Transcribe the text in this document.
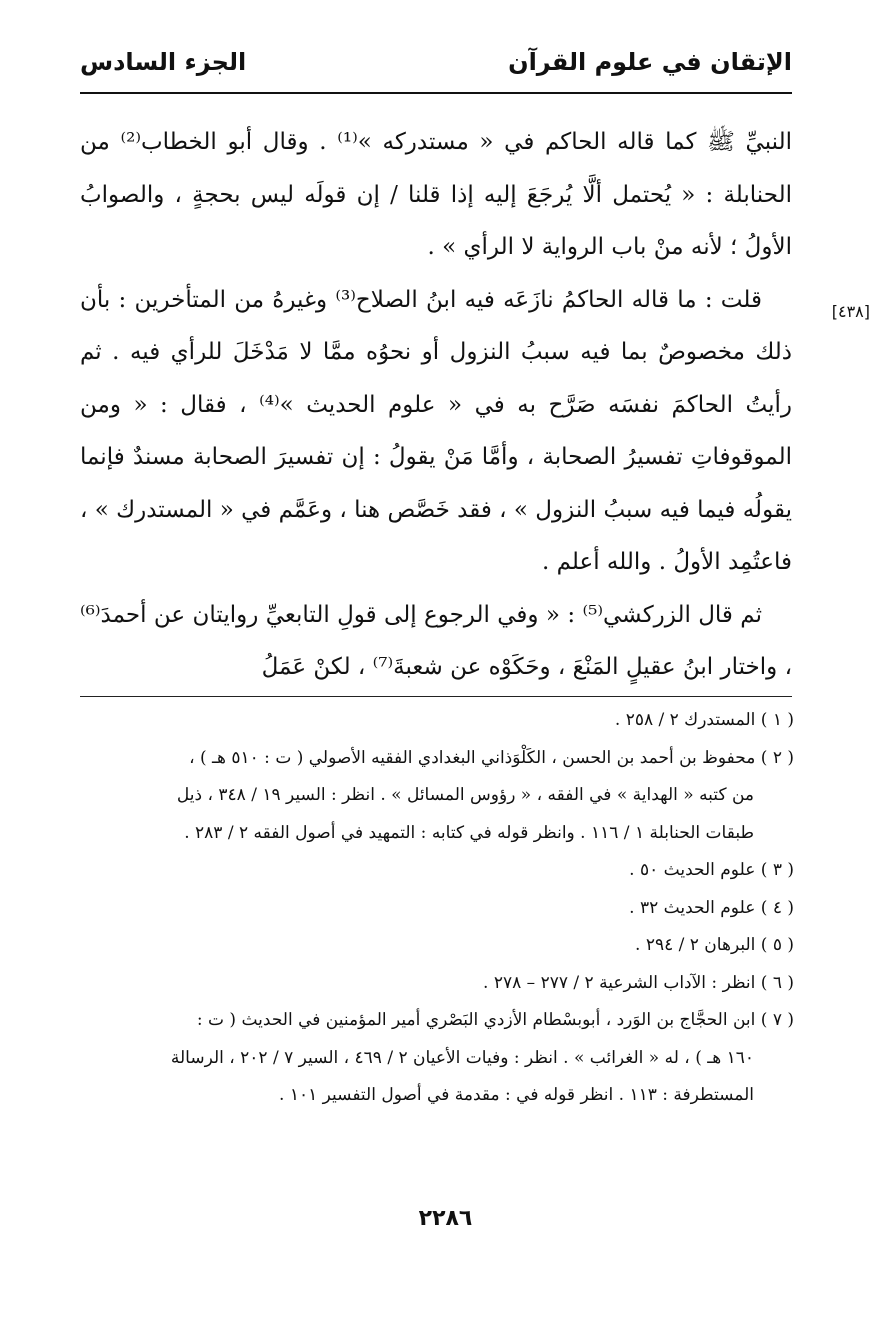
الإتقان في علوم القرآن
الجزء السادس
[٤٣٨]

النبيِّ ﷺ كما قاله الحاكم في « مستدركه »⁽¹⁾ . وقال أبو الخطاب⁽²⁾ من الحنابلة : « يُحتمل ألَّا يُرجَعَ إليه إذا قلنا / إن قولَه ليس بحجةٍ ، والصوابُ الأولُ ؛ لأنه منْ باب الرواية لا الرأي » .

قلت : ما قاله الحاكمُ نازَعَه فيه ابنُ الصلاح⁽³⁾ وغيرهُ من المتأخرين : بأن ذلك مخصوصٌ بما فيه سببُ النزول أو نحوُه ممَّا لا مَدْخَلَ للرأي فيه . ثم رأيتُ الحاكمَ نفسَه صَرَّح به في « علوم الحديث »⁽⁴⁾ ، فقال : « ومن الموقوفاتِ تفسيرُ الصحابة ، وأمَّا مَنْ يقولُ : إن تفسيرَ الصحابة مسندٌ فإنما يقولُه فيما فيه سببُ النزول » ، فقد خَصَّص هنا ، وعَمَّم في « المستدرك » ، فاعتُمِد الأولُ . والله أعلم .

ثم قال الزركشي⁽⁵⁾ : « وفي الرجوع إلى قولِ التابعيِّ روايتان عن أحمدَ⁽⁶⁾ ، واختار ابنُ عقيلٍ المَنْعَ ، وحَكَوْه عن شعبةَ⁽⁷⁾ ، لكنْ عَمَلُ

( ١ ) المستدرك ٢ / ٢٥٨ .
( ٢ ) محفوظ بن أحمد بن الحسن ، الكَلْوَذاني البغدادي الفقيه الأصولي ( ت : ٥١٠ هـ ) ،
من كتبه « الهداية » في الفقه ، « رؤوس المسائل » . انظر : السير ١٩ / ٣٤٨ ، ذيل
طبقات الحنابلة ١ / ١١٦ . وانظر قوله في كتابه : التمهيد في أصول الفقه ٢ / ٢٨٣ .
( ٣ ) علوم الحديث ٥٠ .
( ٤ ) علوم الحديث ٣٢ .
( ٥ ) البرهان ٢ / ٢٩٤ .
( ٦ ) انظر : الآداب الشرعية ٢ / ٢٧٧ – ٢٧٨ .
( ٧ ) ابن الحجَّاج بن الوَرد ، أبوبسْطام الأزدي البَصْري أمير المؤمنين في الحديث ( ت :
١٦٠ هـ ) ، له « الغرائب » . انظر : وفيات الأعيان ٢ / ٤٦٩ ، السير ٧ / ٢٠٢ ، الرسالة
المستطرفة : ١١٣ . انظر قوله في : مقدمة في أصول التفسير ١٠١ .
٢٢٨٦
